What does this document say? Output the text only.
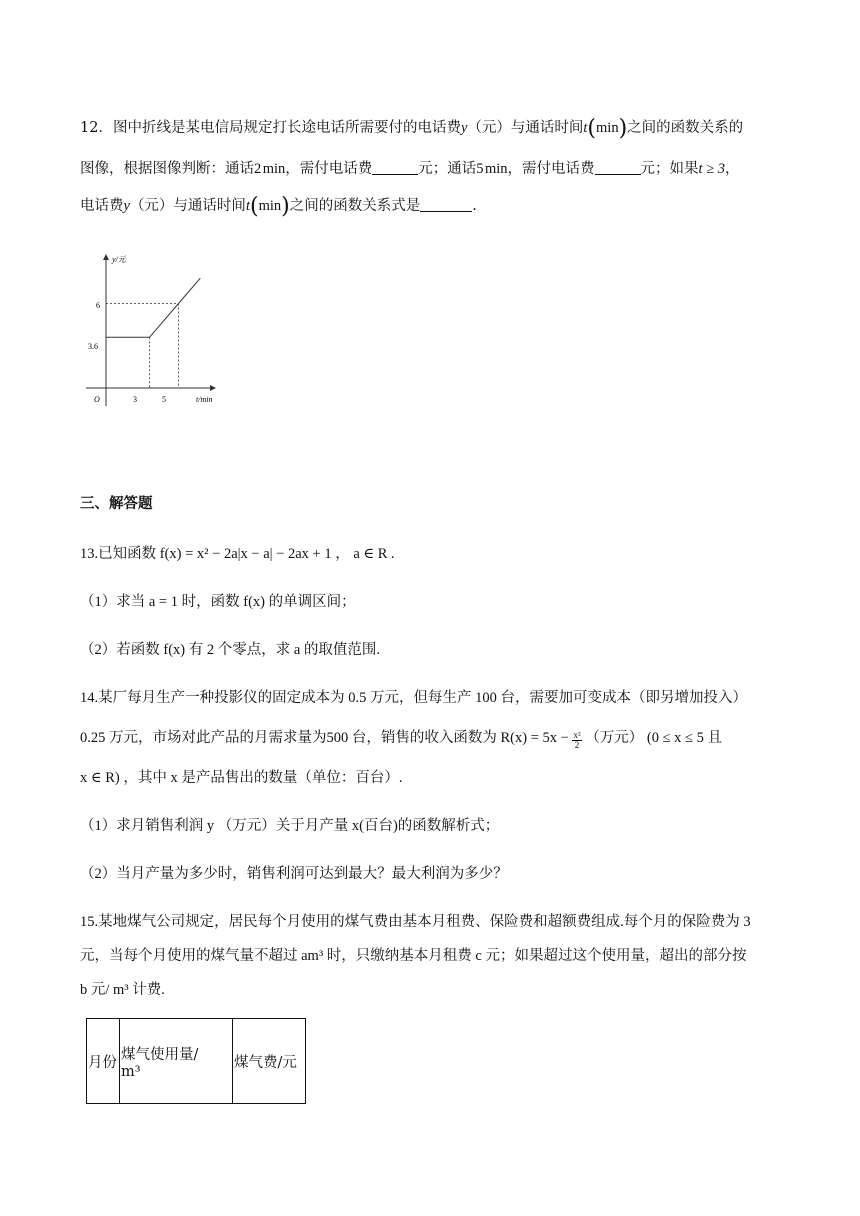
12．图中折线是某电信局规定打长途电话所需要付的电话费y（元）与通话时间t(min)之间的函数关系的
图像，根据图像判断：通话2 min，需付电话费	元；通话5 min，需付电话费	元；如果t ≥ 3，
电话费y（元）与通话时间t(min)之间的函数关系式是	.
y/元
t/min
O
6
3.6
3	5
三、解答题
13.已知函数 f(x) = x² − 2a|x − a| − 2ax + 1 ， a ∈ R .
（1）求当 a = 1 时，函数 f(x) 的单调区间；
（2）若函数 f(x) 有 2 个零点，求 a 的取值范围.
14.某厂每月生产一种投影仪的固定成本为 0.5 万元，但每生产 100 台，需要加可变成本（即另增加投入）
0.25 万元，市场对此产品的月需求量为500 台，销售的收入函数为 $R(x) = 5x - \frac{\text{x²}}{2}$ （万元） (0 ≤ x ≤ 5 且
x ∈ R) ，其中 x 是产品售出的数量（单位：百台）.
（1）求月销售利润 y （万元）关于月产量 x(百台)的函数解析式；
（2）当月产量为多少时，销售利润可达到最大？最大利润为多少？
15.某地煤气公司规定，居民每个月使用的煤气费由基本月租费、保险费和超额费组成.每个月的保险费为 3
元，当每个月使用的煤气量不超过 am³ 时，只缴纳基本月租费 c 元；如果超过这个使用量，超出的部分按
b 元/ m³ 计费.
月份	煤气使用量/
m³
	煤气费/元
